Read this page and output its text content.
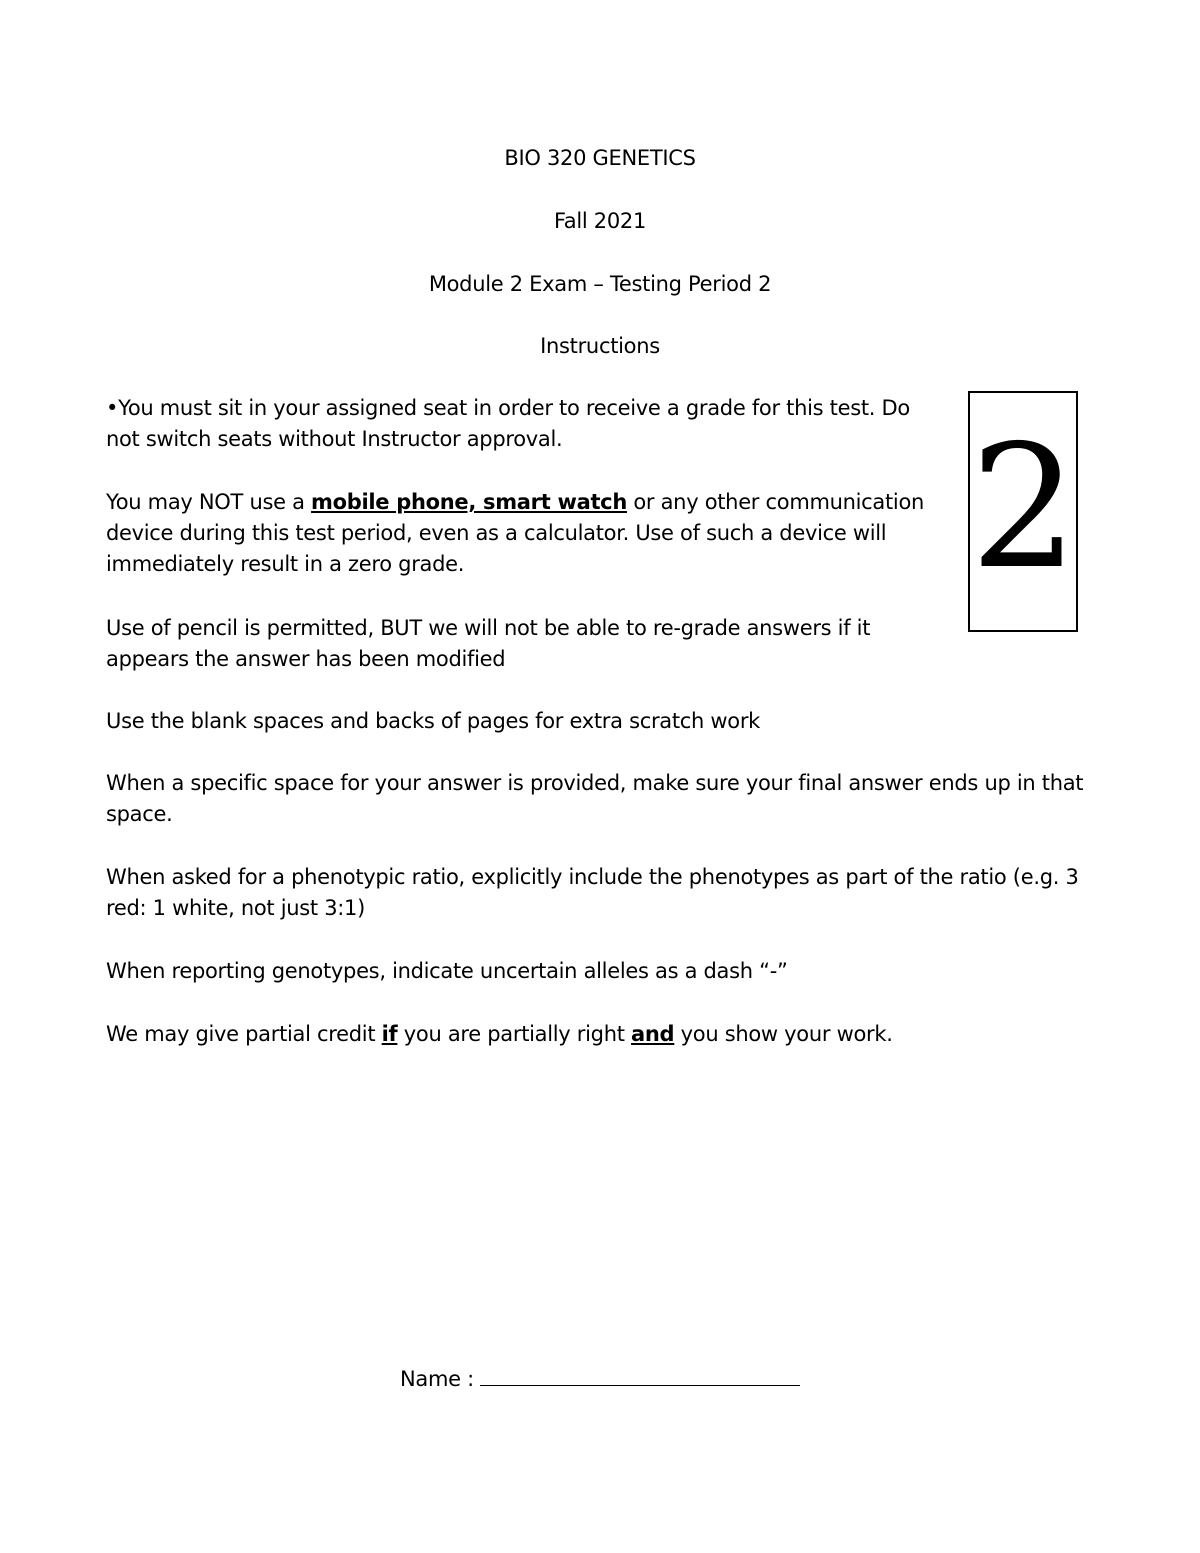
BIO 320 GENETICS
Fall 2021
Module 2 Exam – Testing Period 2
Instructions
2
•You must sit in your assigned seat in order to receive a grade for this test. Do
not switch seats without Instructor approval.
You may NOT use a mobile phone, smart watch or any other communication
device during this test period, even as a calculator. Use of such a device will
immediately result in a zero grade.
Use of pencil is permitted, BUT we will not be able to re-grade answers if it
appears the answer has been modified
Use the blank spaces and backs of pages for extra scratch work
When a specific space for your answer is provided, make sure your final answer ends up in that
space.
When asked for a phenotypic ratio, explicitly include the phenotypes as part of the ratio (e.g. 3
red: 1 white, not just 3:1)
When reporting genotypes, indicate uncertain alleles as a dash “-”
We may give partial credit if you are partially right and you show your work.
Name :
